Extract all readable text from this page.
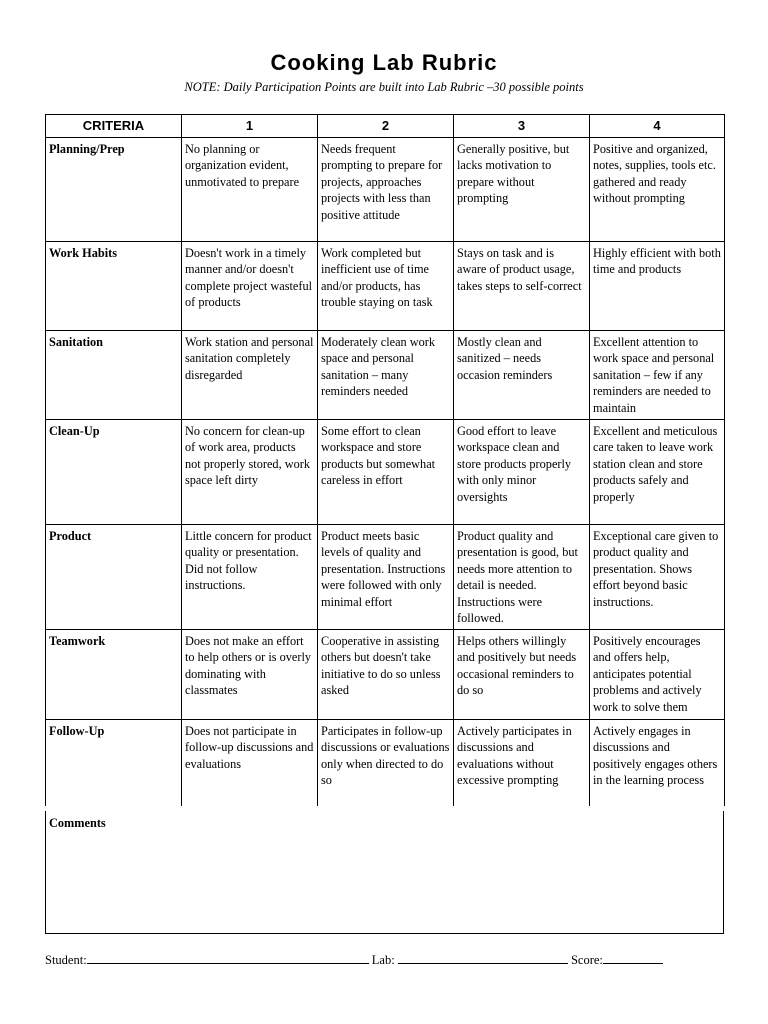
Cooking Lab Rubric
NOTE: Daily Participation Points are built into Lab Rubric –30 possible points
CRITERIA	1	2	3	4
Planning/Prep	No planning or organization evident, unmotivated to prepare	Needs frequent prompting to prepare for projects, approaches projects with less than positive attitude	Generally positive, but lacks motivation to prepare without prompting	Positive and organized, notes, supplies, tools etc. gathered and ready without prompting
Work Habits	Doesn't work in a timely manner and/or doesn't complete project wasteful of products	Work completed but inefficient use of time and/or products, has trouble staying on task	Stays on task and is aware of product usage, takes steps to self-correct	Highly efficient with both time and products
Sanitation	Work station and personal sanitation completely disregarded	Moderately clean work space and personal sanitation – many reminders needed	Mostly clean and sanitized – needs occasion reminders	Excellent attention to work space and personal sanitation – few if any reminders are needed to maintain
Clean-Up	No concern for clean-up of work area, products not properly stored, work space left dirty	Some effort to clean workspace and store products but somewhat careless in effort	Good effort to leave workspace clean and store products properly with only minor oversights	Excellent and meticulous care taken to leave work station clean and store products safely and properly
Product	Little concern for product quality or presentation. Did not follow instructions.	Product meets basic levels of quality and presentation. Instructions were followed with only minimal effort	Product quality and presentation is good, but needs more attention to detail is needed. Instructions were followed.	Exceptional care given to product quality and presentation. Shows effort beyond basic instructions.
Teamwork	Does not make an effort to help others or is overly dominating with classmates	Cooperative in assisting others but doesn't take initiative to do so unless asked	Helps others willingly and positively but needs occasional reminders to do so	Positively encourages and offers help, anticipates potential problems and actively work to solve them
Follow-Up	Does not participate in follow-up discussions and evaluations	Participates in follow-up discussions or evaluations only when directed to do so	Actively participates in discussions and evaluations without excessive prompting	Actively engages in discussions and positively engages others in the learning process
Comments
Student:	Lab:	Score:
